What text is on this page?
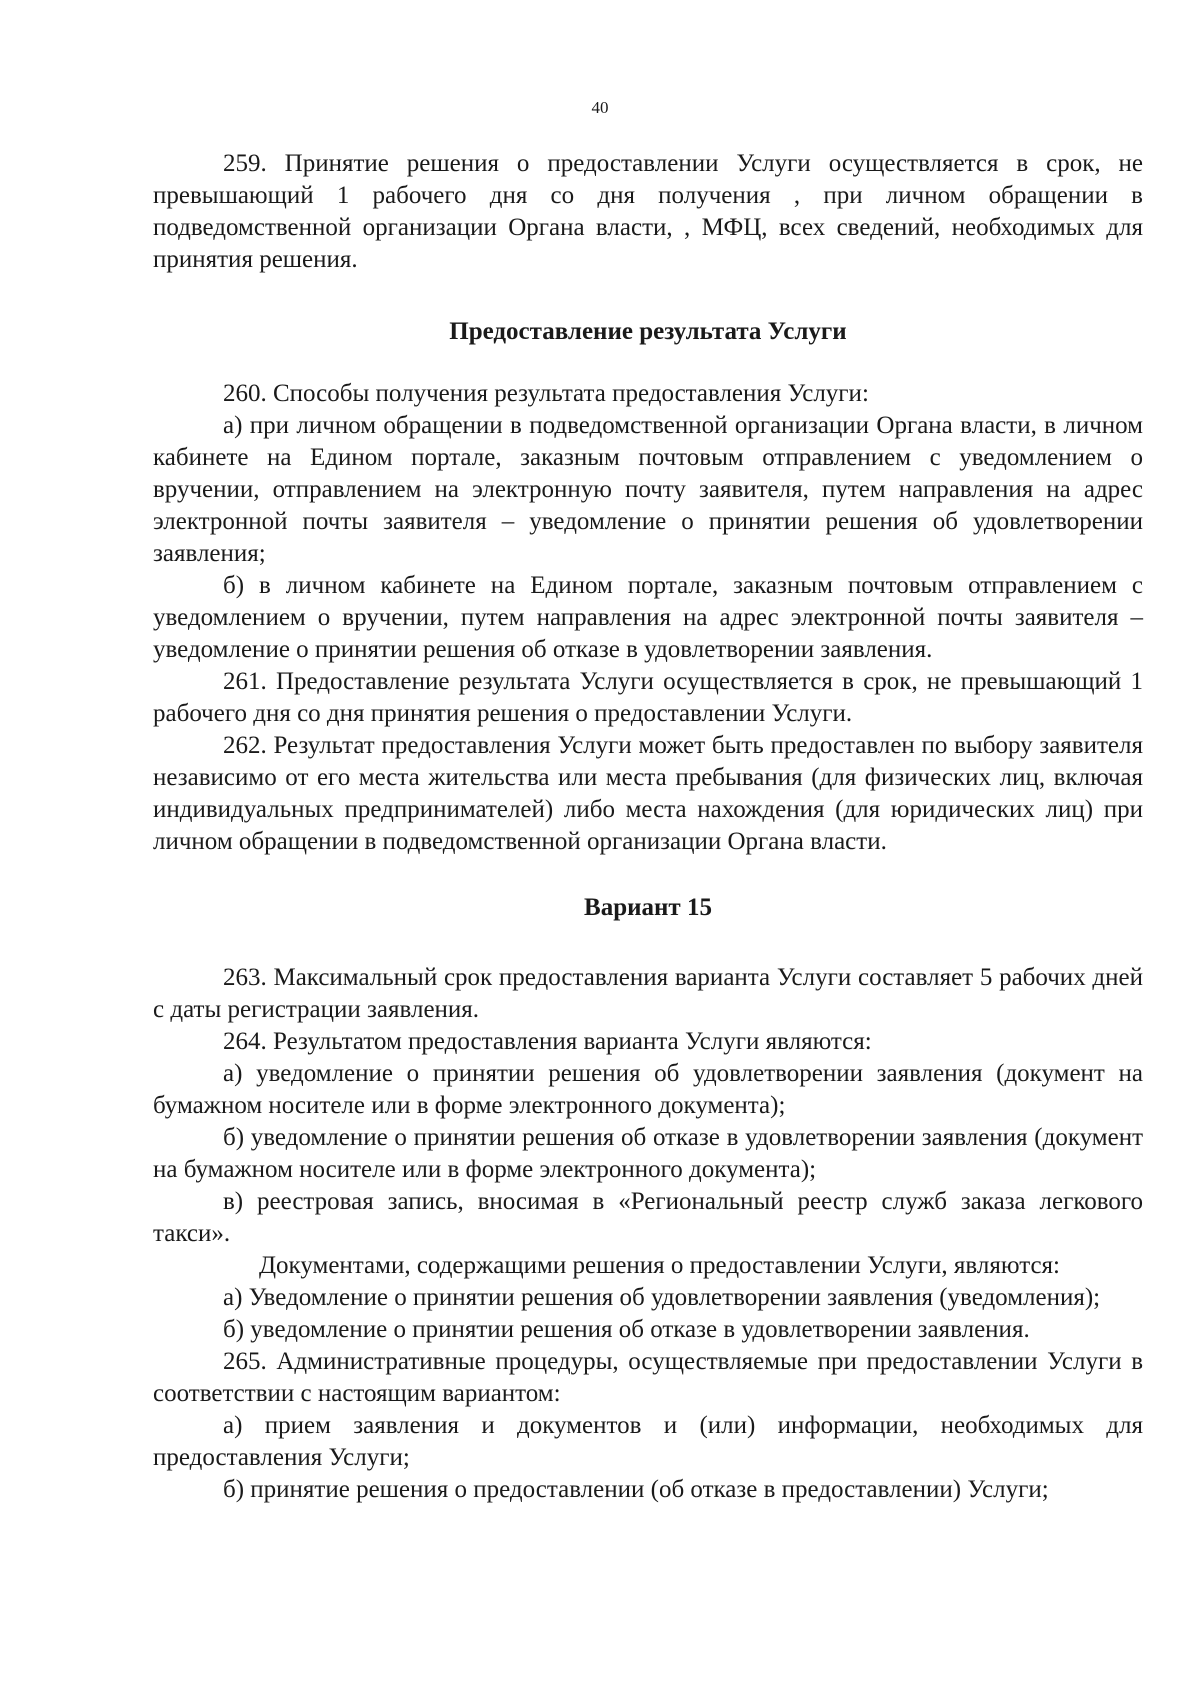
40

259. Принятие решения о предоставлении Услуги осуществляется в срок, не превышающий 1 рабочего дня со дня получения , при личном обращении в подведомственной организации Органа власти, , МФЦ, всех сведений, необходимых для принятия решения.

Предоставление результата Услуги

260. Способы получения результата предоставления Услуги:

а) при личном обращении в подведомственной организации Органа власти, в личном кабинете на Едином портале, заказным почтовым отправлением с уведомлением о вручении, отправлением на электронную почту заявителя, путем направления на адрес электронной почты заявителя – уведомление о принятии решения об удовлетворении заявления;

б) в личном кабинете на Едином портале, заказным почтовым отправлением с уведомлением о вручении, путем направления на адрес электронной почты заявителя – уведомление о принятии решения об отказе в удовлетворении заявления.

261. Предоставление результата Услуги осуществляется в срок, не превышающий 1 рабочего дня со дня принятия решения о предоставлении Услуги.

262. Результат предоставления Услуги может быть предоставлен по выбору заявителя независимо от его места жительства или места пребывания (для физических лиц, включая индивидуальных предпринимателей) либо места нахождения (для юридических лиц) при личном обращении в подведомственной организации Органа власти.

Вариант 15

263. Максимальный срок предоставления варианта Услуги составляет 5 рабочих дней с даты регистрации заявления.

264. Результатом предоставления варианта Услуги являются:

а) уведомление о принятии решения об удовлетворении заявления (документ на бумажном носителе или в форме электронного документа);

б) уведомление о принятии решения об отказе в удовлетворении заявления (документ на бумажном носителе или в форме электронного документа);

в) реестровая запись, вносимая в «Региональный реестр служб заказа легкового такси».

Документами, содержащими решения о предоставлении Услуги, являются:

а) Уведомление о принятии решения об удовлетворении заявления (уведомления);

б) уведомление о принятии решения об отказе в удовлетворении заявления.

265. Административные процедуры, осуществляемые при предоставлении Услуги в соответствии с настоящим вариантом:

а) прием заявления и документов и (или) информации, необходимых для предоставления Услуги;

б) принятие решения о предоставлении (об отказе в предоставлении) Услуги;
